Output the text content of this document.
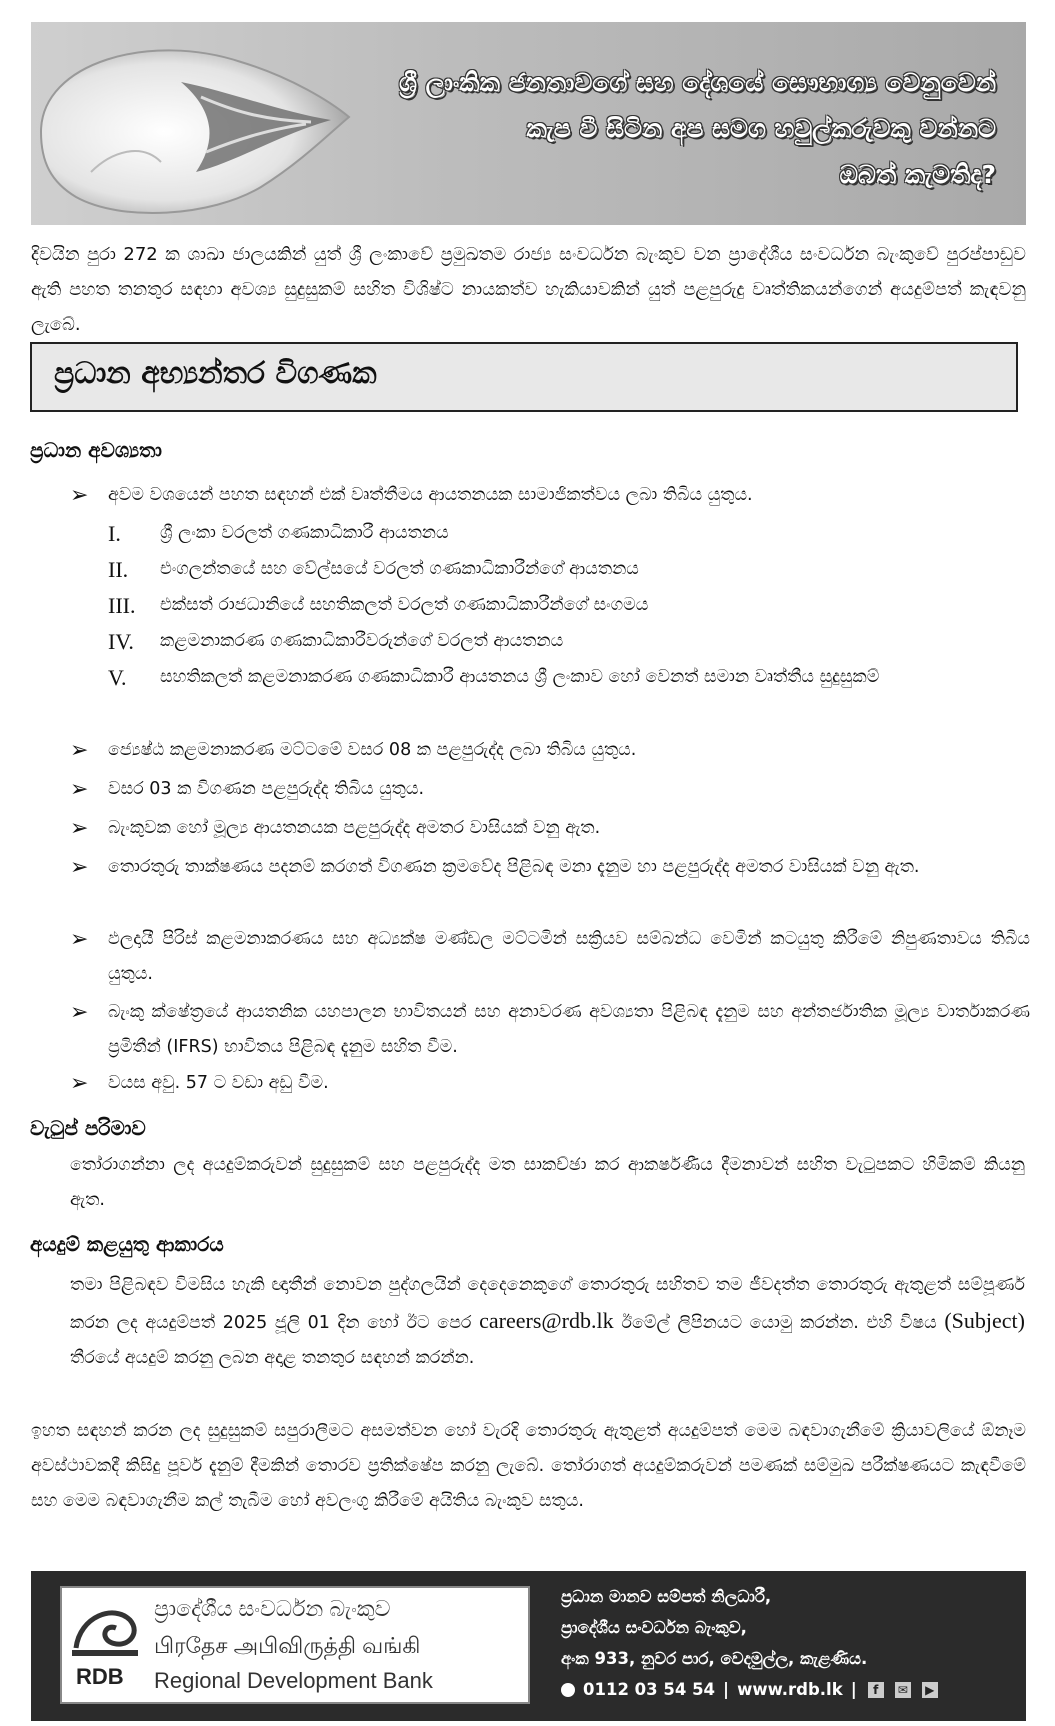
ශ්‍රී ලාංකික ජනතාවගේ සහ දේශයේ සෞභාග්‍ය වෙනුවෙන්
කැප වී සිටින අප සමග හවුල්කරුවකු වන්නට
ඔබත් කැමතිද?
දිවයින පුරා 272 ක ශාඛා ජාලයකින් යුත් ශ්‍රී ලංකාවේ ප්‍රමුඛතම රාජ්‍ය සංවර්ධන බැංකුව වන ප්‍රාදේශීය සංවර්ධන බැංකුවේ පුරප්පාඩුව ඇති පහත තනතුර සඳහා අවශ්‍ය සුදුසුකම් සහිත විශිෂ්ට නායකත්ව හැකියාවකින් යුත් පළපුරුදු වෘත්තිකයන්ගෙන් අයදුම්පත් කැඳවනු ලැබේ.
ප්‍රධාන අභ්‍යන්තර විගණක
ප්‍රධාන අවශ්‍යතා
➢ අවම වශයෙන් පහත සඳහන් එක් වෘත්තීමය ආයතනයක සාමාජිකත්වය ලබා තිබිය යුතුය.
I. ශ්‍රී ලංකා වරලත් ගණකාධිකාරී ආයතනය
II. එංගලන්තයේ සහ වේල්සයේ වරලත් ගණකාධිකාරීන්ගේ ආයතනය
III. එක්සත් රාජධානියේ සහතිකලත් වරලත් ගණකාධිකාරීන්ගේ සංගමය
IV. කළමනාකරණ ගණකාධිකාරීවරුන්ගේ වරලත් ආයතනය
V. සහතිකලත් කළමනාකරණ ගණකාධිකාරී ආයතනය ශ්‍රී ලංකාව හෝ වෙනත් සමාන වෘත්තීය සුදුසුකම්
➢ ජ්‍යෙෂ්ඨ කළමනාකරණ මට්ටමේ වසර 08 ක පළපුරුද්ද ලබා තිබිය යුතුය.
➢ වසර 03 ක විගණන පළපුරුද්ද තිබිය යුතුය.
➢ බැංකුවක හෝ මූල්‍ය ආයතනයක පළපුරුද්ද අමතර වාසියක් වනු ඇත.
➢ තොරතුරු තාක්ෂණය පදනම් කරගත් විගණන ක්‍රමවේද පිළිබඳ මනා දැනුම හා පළපුරුද්ද අමතර වාසියක් වනු ඇත.
➢ ඵලදායී පිරිස් කළමනාකරණය සහ අධ්‍යක්ෂ මණ්ඩල මට්ටමින් සක්‍රියව සම්බන්ධ වෙමින් කටයුතු කිරීමේ නිපුණතාවය තිබිය යුතුය.
➢ බැංකු ක්ෂේත්‍රයේ ආයතනික යහපාලන භාවිතයන් සහ අනාවරණ අවශ්‍යතා පිළිබඳ දැනුම සහ අන්තර්ජාතික මූල්‍ය වාර්තාකරණ ප්‍රමිතීන් (IFRS) භාවිතය පිළිබඳ දැනුම සහිත වීම.
➢ වයස අවු. 57 ට වඩා අඩු වීම.
වැටුප් පරිමාව
තෝරාගන්නා ලද අයදුම්කරුවන් සුදුසුකම් සහ පළපුරුද්ද මත සාකච්ඡා කර ආකර්ෂණීය දීමනාවන් සහිත වැටුපකට හිමිකම් කියනු ඇත.
අයදුම් කළයුතු ආකාරය
තමා පිළිබඳව විමසිය හැකි ඥාතීන් නොවන පුද්ගලයින් දෙදෙනෙකුගේ තොරතුරු සහිතව තම ජීවදත්ත තොරතුරු ඇතුළත් සම්පූර්ණ කරන ලද අයදුම්පත් 2025 ජූලි 01 දින හෝ ඊට පෙර careers@rdb.lk ඊමේල් ලිපිනයට යොමු කරන්න. එහි විෂය (Subject) තීරයේ අයදුම් කරනු ලබන අදාළ තනතුර සඳහන් කරන්න.
ඉහත සඳහන් කරන ලද සුදුසුකම් සපුරාලීමට අසමත්වන හෝ වැරදි තොරතුරු ඇතුළත් අයදුම්පත් මෙම බඳවාගැනීමේ ක්‍රියාවලියේ ඕනෑම අවස්ථාවකදී කිසිදු පූර්ව දැනුම් දීමකින් තොරව ප්‍රතික්ෂේප කරනු ලැබේ. තෝරාගත් අයදුම්කරුවන් පමණක් සම්මුඛ පරීක්ෂණයට කැඳවීමේ සහ මෙම බඳවාගැනීම කල් තැබීම හෝ අවලංගු කිරීමේ අයිතිය බැංකුව සතුය.
RDB
ප්‍රාදේශීය සංවර්ධන බැංකුව
பிரதேச அபிவிருத்தி வங்கி
Regional Development Bank
ප්‍රධාන මානව සම්පත් නිලධාරී,
ප්‍රාදේශීය සංවර්ධන බැංකුව,
අංක 933, නුවර පාර, වෙදමුල්ල, කැළණිය.
0112 03 54 54 | www.rdb.lk |	f	✉ ▶
